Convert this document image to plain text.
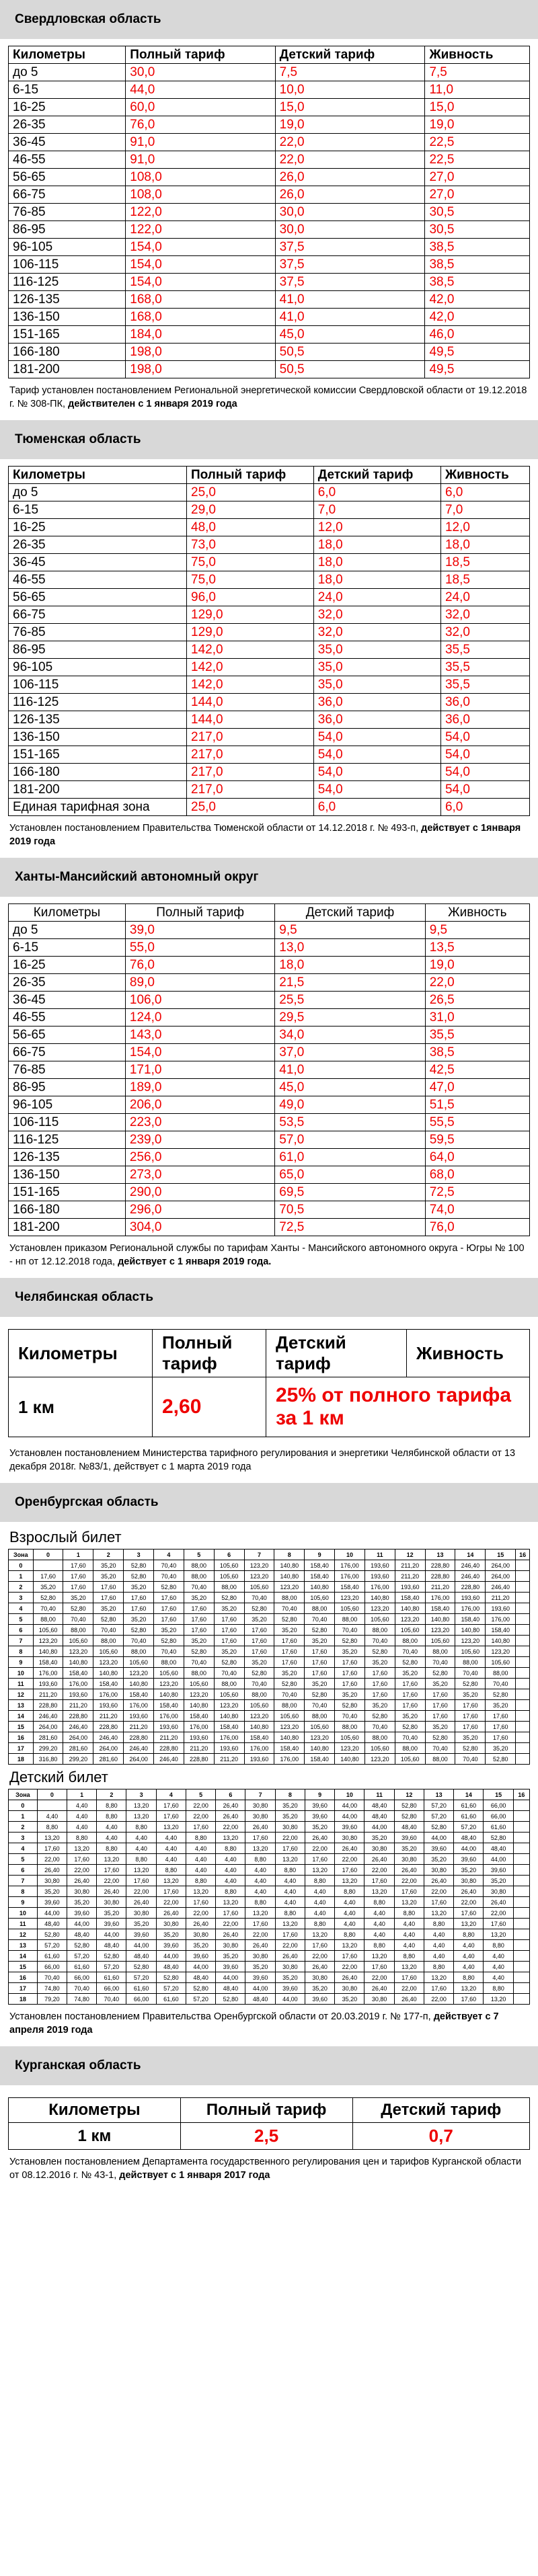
Свердловская область
Километры	Полный тариф	Детский тариф	Живность
до 5	30,0	7,5	7,5
6-15	44,0	10,0	11,0
16-25	60,0	15,0	15,0
26-35	76,0	19,0	19,0
36-45	91,0	22,0	22,5
46-55	91,0	22,0	22,5
56-65	108,0	26,0	27,0
66-75	108,0	26,0	27,0
76-85	122,0	30,0	30,5
86-95	122,0	30,0	30,5
96-105	154,0	37,5	38,5
106-115	154,0	37,5	38,5
116-125	154,0	37,5	38,5
126-135	168,0	41,0	42,0
136-150	168,0	41,0	42,0
151-165	184,0	45,0	46,0
166-180	198,0	50,5	49,5
181-200	198,0	50,5	49,5
Тариф установлен постановлением Региональной энергетической комиссии Свердловской области от 19.12.2018 г. № 308-ПК, действителен с 1 января 2019 года
Тюменская область
Километры	Полный тариф	Детский тариф	Живность
до 5	25,0	6,0	6,0
6-15	29,0	7,0	7,0
16-25	48,0	12,0	12,0
26-35	73,0	18,0	18,0
36-45	75,0	18,0	18,5
46-55	75,0	18,0	18,5
56-65	96,0	24,0	24,0
66-75	129,0	32,0	32,0
76-85	129,0	32,0	32,0
86-95	142,0	35,0	35,5
96-105	142,0	35,0	35,5
106-115	142,0	35,0	35,5
116-125	144,0	36,0	36,0
126-135	144,0	36,0	36,0
136-150	217,0	54,0	54,0
151-165	217,0	54,0	54,0
166-180	217,0	54,0	54,0
181-200	217,0	54,0	54,0
Единая тарифная зона	25,0	6,0	6,0
Установлен постановлением Правительства Тюменской области от 14.12.2018 г. № 493-п, действует с 1января 2019 года
Ханты-Мансийский автономный округ
Километры	Полный тариф	Детский тариф	Живность
до 5	39,0	9,5	9,5
6-15	55,0	13,0	13,5
16-25	76,0	18,0	19,0
26-35	89,0	21,5	22,0
36-45	106,0	25,5	26,5
46-55	124,0	29,5	31,0
56-65	143,0	34,0	35,5
66-75	154,0	37,0	38,5
76-85	171,0	41,0	42,5
86-95	189,0	45,0	47,0
96-105	206,0	49,0	51,5
106-115	223,0	53,5	55,5
116-125	239,0	57,0	59,5
126-135	256,0	61,0	64,0
136-150	273,0	65,0	68,0
151-165	290,0	69,5	72,5
166-180	296,0	70,5	74,0
181-200	304,0	72,5	76,0
Установлен приказом Региональной службы по тарифам Ханты - Мансийского автономного округа - Югры № 100 - нп от 12.12.2018 года, действует с 1 января 2019 года.
Челябинская область
Километры	Полный тариф	Детский тариф	Живность
1 км	2,60	25% от полного тарифа за 1 км	
Установлен постановлением Министерства тарифного регулирования и энергетики Челябинской области от 13 декабря 2018г. №83/1, действует с 1 марта 2019 года
Оренбургская область
Взрослый билет
Зона	0	1	2	3	4	5	6	7	8	9	10	11	12	13	14	15	16
0		17,60	35,20	52,80	70,40	88,00	105,60	123,20	140,80	158,40	176,00	193,60	211,20	228,80	246,40	264,00	
1	17,60	17,60	35,20	52,80	70,40	88,00	105,60	123,20	140,80	158,40	176,00	193,60	211,20	228,80	246,40	264,00	
2	35,20	17,60	17,60	35,20	52,80	70,40	88,00	105,60	123,20	140,80	158,40	176,00	193,60	211,20	228,80	246,40	
3	52,80	35,20	17,60	17,60	17,60	35,20	52,80	70,40	88,00	105,60	123,20	140,80	158,40	176,00	193,60	211,20	
4	70,40	52,80	35,20	17,60	17,60	17,60	35,20	52,80	70,40	88,00	105,60	123,20	140,80	158,40	176,00	193,60	
5	88,00	70,40	52,80	35,20	17,60	17,60	17,60	35,20	52,80	70,40	88,00	105,60	123,20	140,80	158,40	176,00	
6	105,60	88,00	70,40	52,80	35,20	17,60	17,60	17,60	35,20	52,80	70,40	88,00	105,60	123,20	140,80	158,40	
7	123,20	105,60	88,00	70,40	52,80	35,20	17,60	17,60	17,60	35,20	52,80	70,40	88,00	105,60	123,20	140,80	
8	140,80	123,20	105,60	88,00	70,40	52,80	35,20	17,60	17,60	17,60	35,20	52,80	70,40	88,00	105,60	123,20	
9	158,40	140,80	123,20	105,60	88,00	70,40	52,80	35,20	17,60	17,60	17,60	35,20	52,80	70,40	88,00	105,60	
10	176,00	158,40	140,80	123,20	105,60	88,00	70,40	52,80	35,20	17,60	17,60	17,60	35,20	52,80	70,40	88,00	
11	193,60	176,00	158,40	140,80	123,20	105,60	88,00	70,40	52,80	35,20	17,60	17,60	17,60	35,20	52,80	70,40	
12	211,20	193,60	176,00	158,40	140,80	123,20	105,60	88,00	70,40	52,80	35,20	17,60	17,60	17,60	35,20	52,80	
13	228,80	211,20	193,60	176,00	158,40	140,80	123,20	105,60	88,00	70,40	52,80	35,20	17,60	17,60	17,60	35,20	
14	246,40	228,80	211,20	193,60	176,00	158,40	140,80	123,20	105,60	88,00	70,40	52,80	35,20	17,60	17,60	17,60	
15	264,00	246,40	228,80	211,20	193,60	176,00	158,40	140,80	123,20	105,60	88,00	70,40	52,80	35,20	17,60	17,60	
16	281,60	264,00	246,40	228,80	211,20	193,60	176,00	158,40	140,80	123,20	105,60	88,00	70,40	52,80	35,20	17,60	
17	299,20	281,60	264,00	246,40	228,80	211,20	193,60	176,00	158,40	140,80	123,20	105,60	88,00	70,40	52,80	35,20	
18	316,80	299,20	281,60	264,00	246,40	228,80	211,20	193,60	176,00	158,40	140,80	123,20	105,60	88,00	70,40	52,80	
Детский билет
Зона	0	1	2	3	4	5	6	7	8	9	10	11	12	13	14	15	16
0		4,40	8,80	13,20	17,60	22,00	26,40	30,80	35,20	39,60	44,00	48,40	52,80	57,20	61,60	66,00	
1	4,40	4,40	8,80	13,20	17,60	22,00	26,40	30,80	35,20	39,60	44,00	48,40	52,80	57,20	61,60	66,00	
2	8,80	4,40	4,40	8,80	13,20	17,60	22,00	26,40	30,80	35,20	39,60	44,00	48,40	52,80	57,20	61,60	
3	13,20	8,80	4,40	4,40	4,40	8,80	13,20	17,60	22,00	26,40	30,80	35,20	39,60	44,00	48,40	52,80	
4	17,60	13,20	8,80	4,40	4,40	4,40	8,80	13,20	17,60	22,00	26,40	30,80	35,20	39,60	44,00	48,40	
5	22,00	17,60	13,20	8,80	4,40	4,40	4,40	8,80	13,20	17,60	22,00	26,40	30,80	35,20	39,60	44,00	
6	26,40	22,00	17,60	13,20	8,80	4,40	4,40	4,40	8,80	13,20	17,60	22,00	26,40	30,80	35,20	39,60	
7	30,80	26,40	22,00	17,60	13,20	8,80	4,40	4,40	4,40	8,80	13,20	17,60	22,00	26,40	30,80	35,20	
8	35,20	30,80	26,40	22,00	17,60	13,20	8,80	4,40	4,40	4,40	8,80	13,20	17,60	22,00	26,40	30,80	
9	39,60	35,20	30,80	26,40	22,00	17,60	13,20	8,80	4,40	4,40	4,40	8,80	13,20	17,60	22,00	26,40	
10	44,00	39,60	35,20	30,80	26,40	22,00	17,60	13,20	8,80	4,40	4,40	4,40	8,80	13,20	17,60	22,00	
11	48,40	44,00	39,60	35,20	30,80	26,40	22,00	17,60	13,20	8,80	4,40	4,40	4,40	8,80	13,20	17,60	
12	52,80	48,40	44,00	39,60	35,20	30,80	26,40	22,00	17,60	13,20	8,80	4,40	4,40	4,40	8,80	13,20	
13	57,20	52,80	48,40	44,00	39,60	35,20	30,80	26,40	22,00	17,60	13,20	8,80	4,40	4,40	4,40	8,80	
14	61,60	57,20	52,80	48,40	44,00	39,60	35,20	30,80	26,40	22,00	17,60	13,20	8,80	4,40	4,40	4,40	
15	66,00	61,60	57,20	52,80	48,40	44,00	39,60	35,20	30,80	26,40	22,00	17,60	13,20	8,80	4,40	4,40	
16	70,40	66,00	61,60	57,20	52,80	48,40	44,00	39,60	35,20	30,80	26,40	22,00	17,60	13,20	8,80	4,40	
17	74,80	70,40	66,00	61,60	57,20	52,80	48,40	44,00	39,60	35,20	30,80	26,40	22,00	17,60	13,20	8,80	
18	79,20	74,80	70,40	66,00	61,60	57,20	52,80	48,40	44,00	39,60	35,20	30,80	26,40	22,00	17,60	13,20	
Установлен постановлением Правительства Оренбургской области от 20.03.2019 г. № 177-п, действует с 7 апреля 2019 года
Курганская область
Километры	Полный тариф	Детский тариф
1 км	2,5	0,7
Установлен постановлением Департамента государственного регулирования цен и тарифов Курганской области от 08.12.2016 г. № 43-1, действует с 1 января 2017 года
